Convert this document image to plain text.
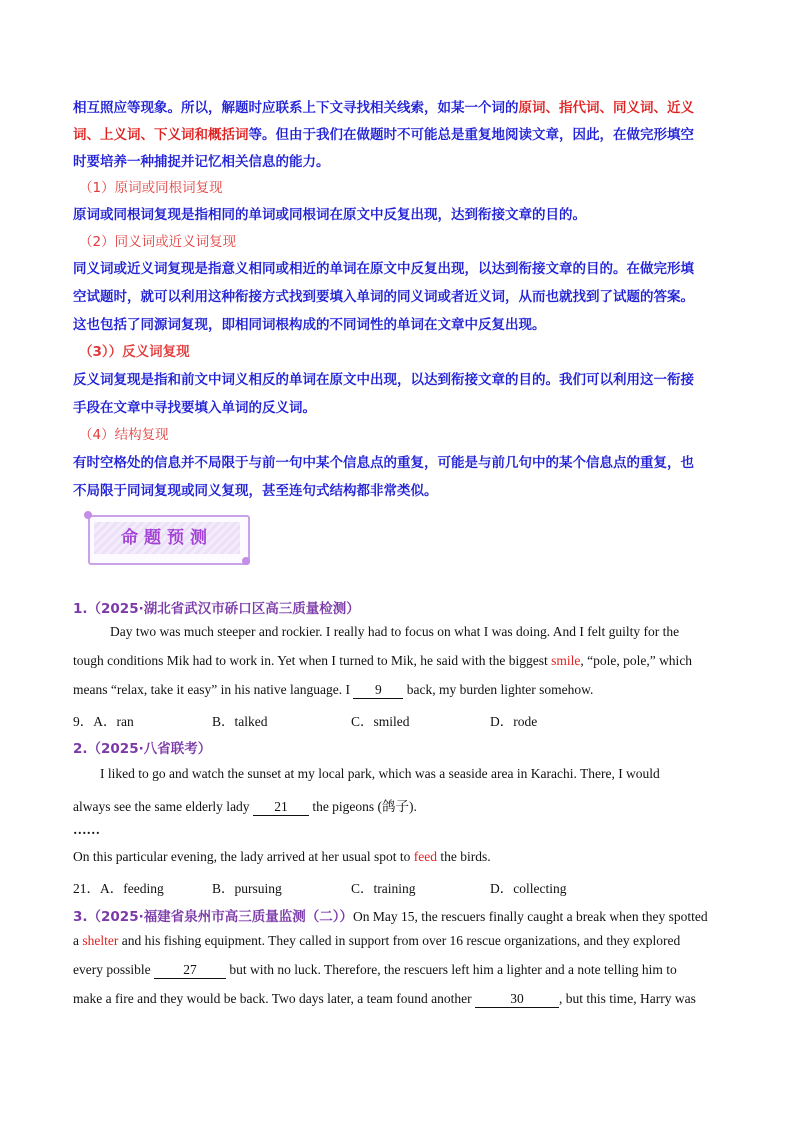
相互照应等现象。所以，解题时应联系上下文寻找相关线索，如某一个词的原词、指代词、同义词、近义
词、上义词、下义词和概括词等。但由于我们在做题时不可能总是重复地阅读文章，因此，在做完形填空
时要培养一种捕捉并记忆相关信息的能力。
（1）原词或同根词复现
原词或同根词复现是指相同的单词或同根词在原文中反复出现，达到衔接文章的目的。
（2）同义词或近义词复现
同义词或近义词复现是指意义相同或相近的单词在原文中反复出现，以达到衔接文章的目的。在做完形填
空试题时，就可以利用这种衔接方式找到要填入单词的同义词或者近义词，从而也就找到了试题的答案。
这也包括了同源词复现，即相同词根构成的不同词性的单词在文章中反复出现。
（3））反义词复现
反义词复现是指和前文中词义相反的单词在原文中出现，以达到衔接文章的目的。我们可以利用这一衔接
手段在文章中寻找要填入单词的反义词。
（4）结构复现
有时空格处的信息并不局限于与前一句中某个信息点的重复，可能是与前几句中的某个信息点的重复，也
不局限于同词复现或同义复现，甚至连句式结构都非常类似。
命题预测
1.（2025·湖北省武汉市硚口区高三质量检测）
Day two was much steeper and rockier. I really had to focus on what I was doing. And I felt guilty for the
tough conditions Mik had to work in. Yet when I turned to Mik, he said with the biggest smile, “pole, pole,” which
means “relax, take it easy” in his native language. I 9 back, my burden lighter somehow.
9．A．ran	B．talked	C．smiled	D．rode
2.（2025·八省联考）
I liked to go and watch the sunset at my local park, which was a seaside area in Karachi. There, I would
always see the same elderly lady 21 the pigeons (鸽子).
……
On this particular evening, the lady arrived at her usual spot to feed the birds.
21．A．feeding	B．pursuing	C．training	D．collecting
3.（2025·福建省泉州市高三质量监测（二））On May 15, the rescuers finally caught a break when they spotted
a shelter and his fishing equipment. They called in support from over 16 rescue organizations, and they explored
every possible 27 but with no luck. Therefore, the rescuers left him a lighter and a note telling him to
make a fire and they would be back. Two days later, a team found another	30	, but this time, Harry was
